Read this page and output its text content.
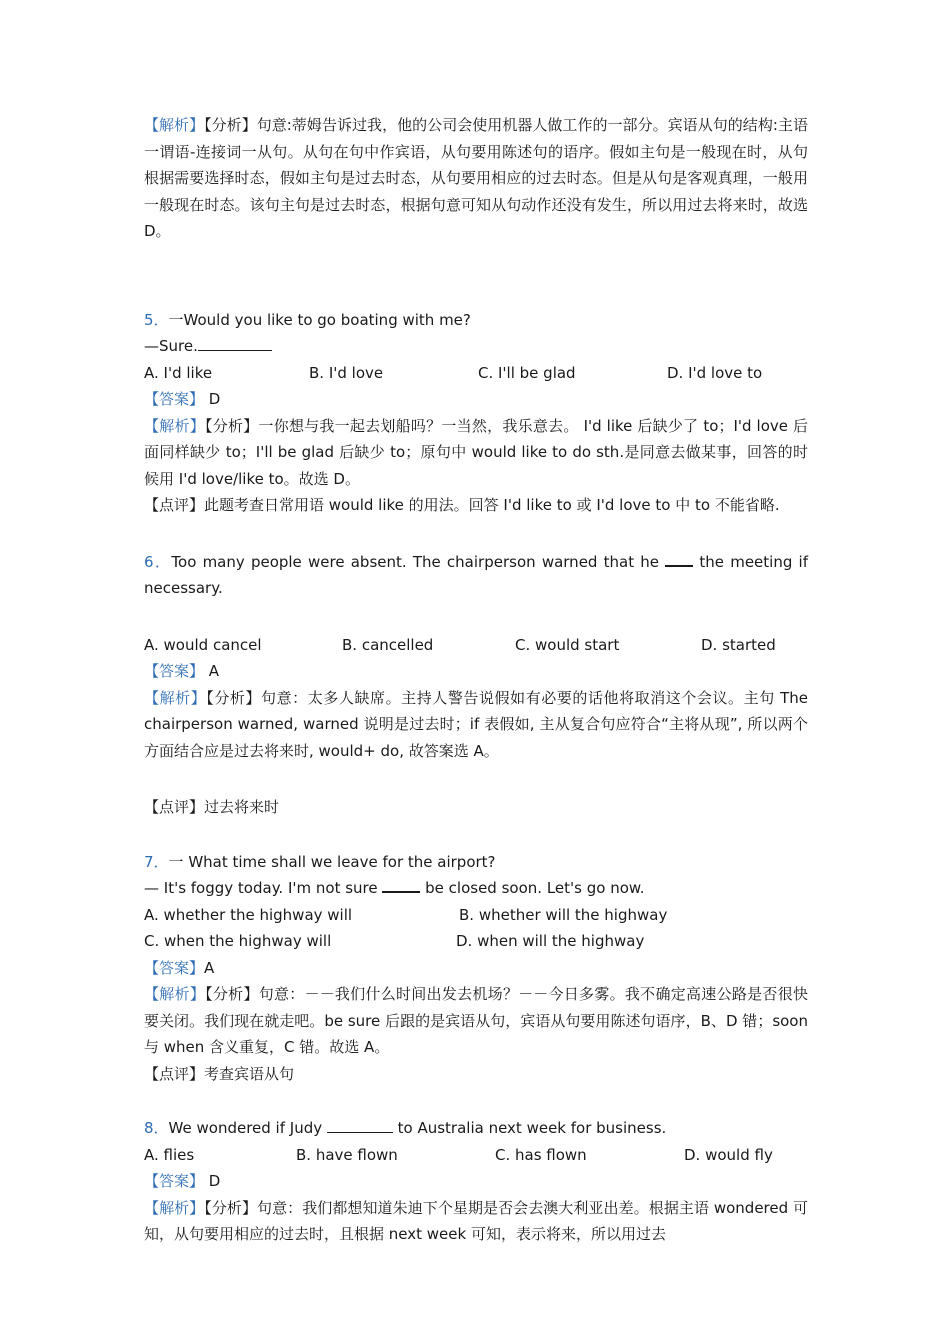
【解析】【分析】句意:蒂姆告诉过我，他的公司会使用机器人做工作的一部分。宾语从句的结构:主语一谓语-连接词一从句。从句在句中作宾语，从句要用陈述句的语序。假如主句是一般现在时，从句根据需要选择时态，假如主句是过去时态，从句要用相应的过去时态。但是从句是客观真理，一般用一般现在时态。该句主句是过去时态，根据句意可知从句动作还没有发生，所以用过去将来时，故选D。

5．一Would you like to go boating with me?

—Sure.

A. I'd like	B. I'd love	C. I'll be glad	D. I'd love to

【答案】 D

【解析】【分析】一你想与我一起去划船吗？一当然，我乐意去。 I'd like 后缺少了 to；I'd love 后面同样缺少 to；I'll be glad 后缺少 to；原句中 would like to do sth.是同意去做某事，回答的时候用 I'd love/like to。故选 D。

【点评】此题考查日常用语 would like 的用法。回答 I'd like to 或 I'd love to 中 to 不能省略.

6．Too many people were absent. The chairperson warned that he  the meeting if necessary.

A. would cancel	B. cancelled	C. would start	D. started

【答案】 A

【解析】【分析】句意：太多人缺席。主持人警告说假如有必要的话他将取消这个会议。主句 The chairperson warned, warned 说明是过去时；if 表假如, 主从复合句应符合“主将从现”, 所以两个方面结合应是过去将来时, would+ do, 故答案选 A。

【点评】过去将来时

7．一 What time shall we leave for the airport?

— It's foggy today. I'm not sure	be closed soon. Let's go now.

A. whether the highway will	B. whether will the highway
C. when the highway will	D. when will the highway

【答案】A

【解析】【分析】句意：－－我们什么时间出发去机场？－－今日多雾。我不确定高速公路是否很快要关闭。我们现在就走吧。be sure 后跟的是宾语从句，宾语从句要用陈述句语序，B、D 错；soon 与 when 含义重复，C 错。故选 A。

【点评】考查宾语从句

8．We wondered if Judy	to Australia next week for business.

A. flies	B. have flown	C. has flown	D. would fly

【答案】 D

【解析】【分析】句意：我们都想知道朱迪下个星期是否会去澳大利亚出差。根据主语 wondered 可知，从句要用相应的过去时，且根据 next week 可知，表示将来，所以用过去
